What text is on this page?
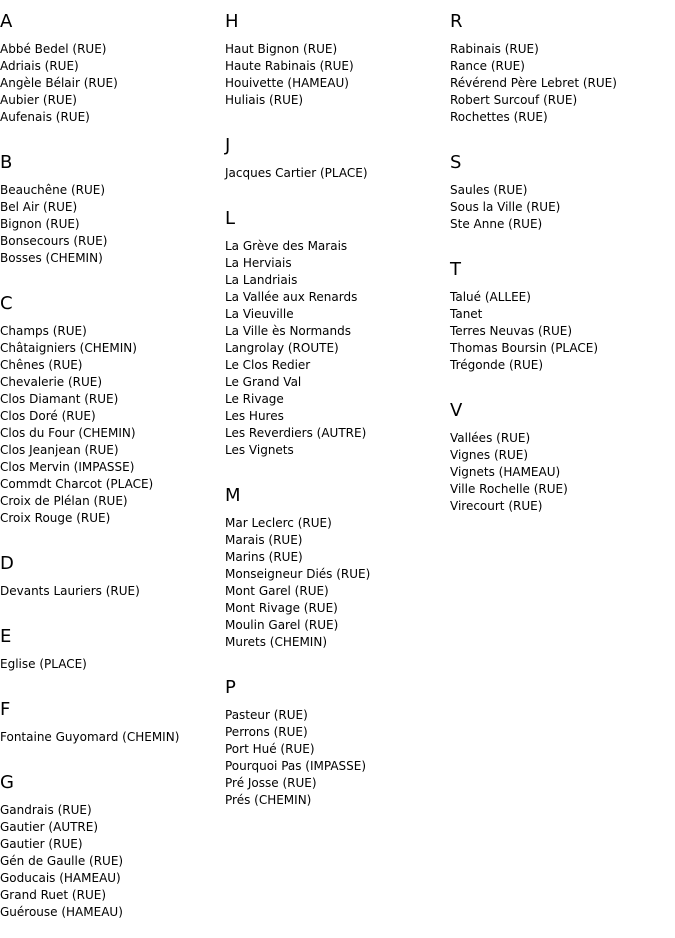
A
Abbé Bedel (RUE)
Adriais (RUE)
Angèle Bélair (RUE)
Aubier (RUE)
Aufenais (RUE)
B
Beauchêne (RUE)
Bel Air (RUE)
Bignon (RUE)
Bonsecours (RUE)
Bosses (CHEMIN)
C
Champs (RUE)
Châtaigniers (CHEMIN)
Chênes (RUE)
Chevalerie (RUE)
Clos Diamant (RUE)
Clos Doré (RUE)
Clos du Four (CHEMIN)
Clos Jeanjean (RUE)
Clos Mervin (IMPASSE)
Commdt Charcot (PLACE)
Croix de Plélan (RUE)
Croix Rouge (RUE)
D
Devants Lauriers (RUE)
E
Eglise (PLACE)
F
Fontaine Guyomard (CHEMIN)
G
Gandrais (RUE)
Gautier (AUTRE)
Gautier (RUE)
Gén de Gaulle (RUE)
Goducais (HAMEAU)
Grand Ruet (RUE)
Guérouse (HAMEAU)
H
Haut Bignon (RUE)
Haute Rabinais (RUE)
Houivette (HAMEAU)
Huliais (RUE)
J
Jacques Cartier (PLACE)
L
La Grève des Marais
La Herviais
La Landriais
La Vallée aux Renards
La Vieuville
La Ville ès Normands
Langrolay (ROUTE)
Le Clos Redier
Le Grand Val
Le Rivage
Les Hures
Les Reverdiers (AUTRE)
Les Vignets
M
Mar Leclerc (RUE)
Marais (RUE)
Marins (RUE)
Monseigneur Diés (RUE)
Mont Garel (RUE)
Mont Rivage (RUE)
Moulin Garel (RUE)
Murets (CHEMIN)
P
Pasteur (RUE)
Perrons (RUE)
Port Hué (RUE)
Pourquoi Pas (IMPASSE)
Pré Josse (RUE)
Prés (CHEMIN)
R
Rabinais (RUE)
Rance (RUE)
Révérend Père Lebret (RUE)
Robert Surcouf (RUE)
Rochettes (RUE)
S
Saules (RUE)
Sous la Ville (RUE)
Ste Anne (RUE)
T
Talué (ALLEE)
Tanet
Terres Neuvas (RUE)
Thomas Boursin (PLACE)
Trégonde (RUE)
V
Vallées (RUE)
Vignes (RUE)
Vignets (HAMEAU)
Ville Rochelle (RUE)
Virecourt (RUE)
